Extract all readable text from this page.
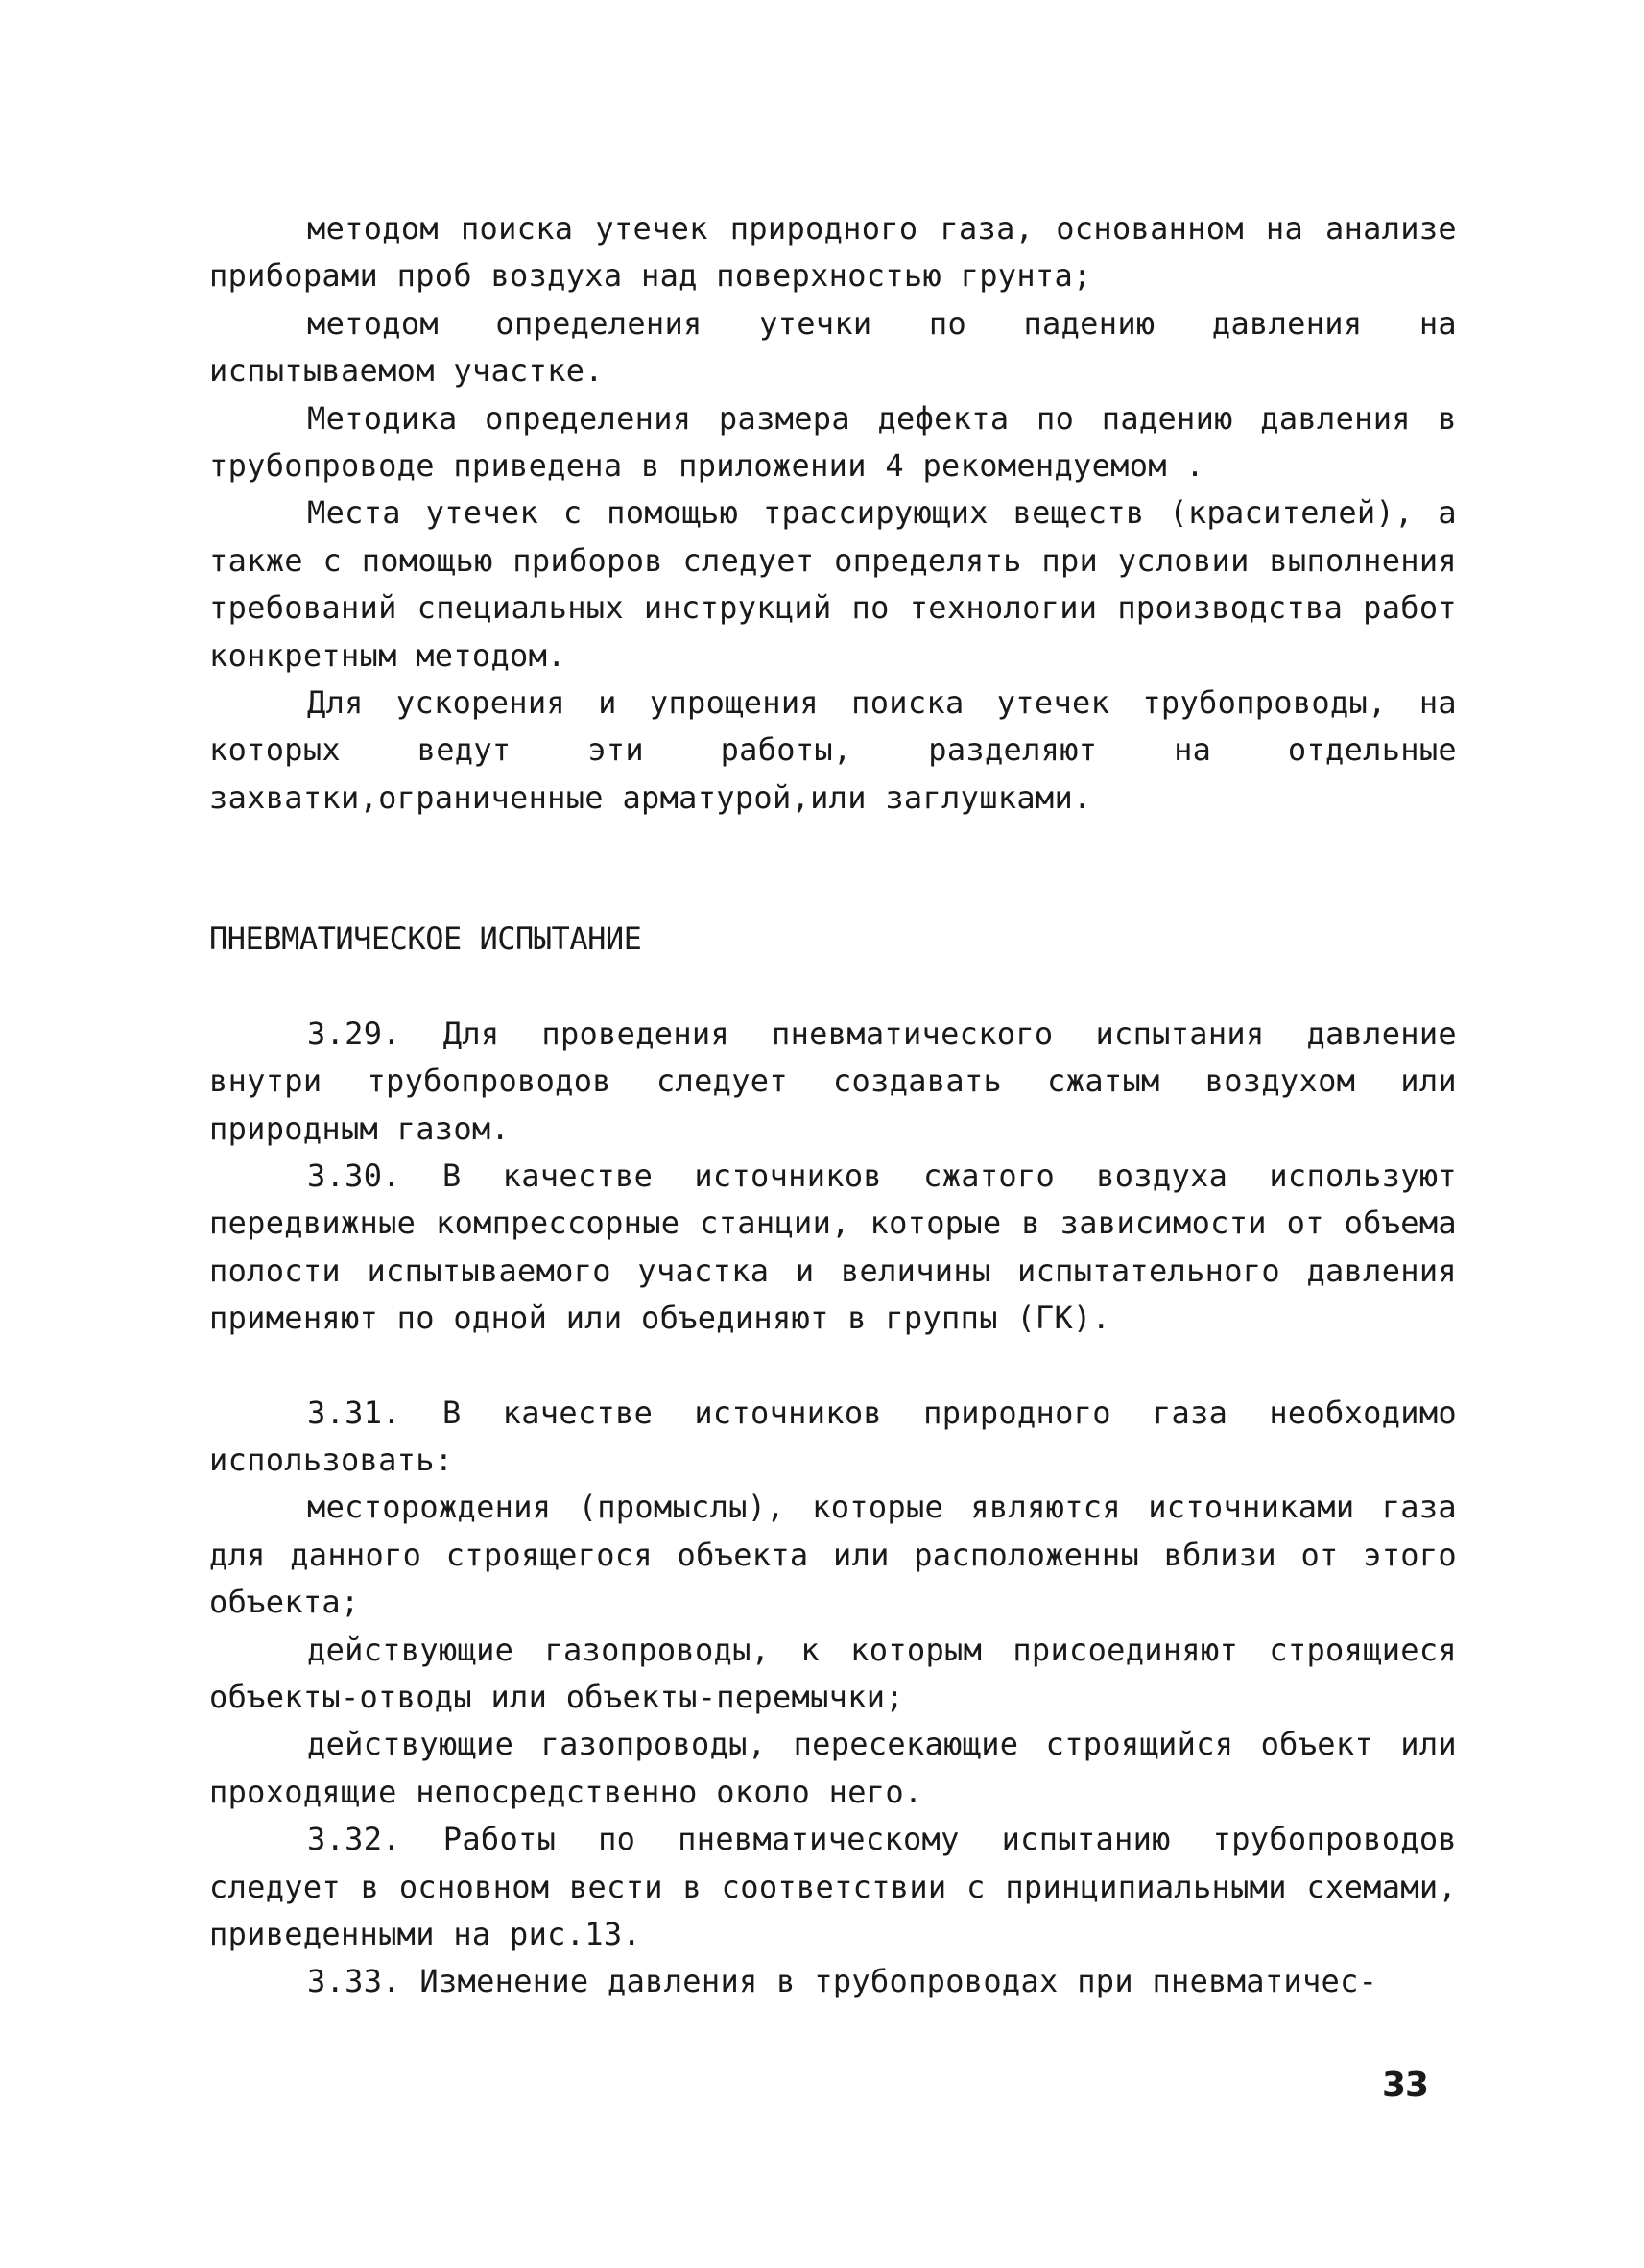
методом поиска утечек природного газа, основанном на анализе приборами проб воздуха над поверхностью грунта;

методом определения утечки по падению давления на испытываемом участке.

Методика определения размера дефекта по падению давления в трубопроводе приведена в приложении 4 рекомендуемом .

Места утечек с помощью трассирующих веществ (красителей), а также с помощью приборов следует определять при условии выполнения требований специальных инструкций по технологии производства работ конкретным методом.

Для ускорения и упрощения поиска утечек трубопроводы, на которых ведут эти работы, разделяют на отдельные захватки,ограниченные арматурой,или заглушками.

ПНЕВМАТИЧЕСКОЕ ИСПЫТАНИЕ

3.29. Для проведения пневматического испытания давление внутри трубопроводов следует создавать сжатым воздухом или природным газом.

3.30. В качестве источников сжатого воздуха используют передвижные компрессорные станции, которые в зависимости от объема полости испытываемого участка и величины испытательного давления применяют по одной или объединяют в группы (ГК).

3.31. В качестве источников природного газа необходимо использовать:

месторождения (промыслы), которые являются источниками газа для данного строящегося объекта или расположенны вблизи от этого объекта;

действующие газопроводы, к которым присоединяют строящиеся объекты-отводы или объекты-перемычки;

действующие газопроводы, пересекающие строящийся объект или проходящие непосредственно около него.

3.32. Работы по пневматическому испытанию трубопроводов следует в основном вести в соответствии с принципиальными схемами, приведенными на рис.13.

3.33. Изменение давления в трубопроводах при пневматичес-

33
